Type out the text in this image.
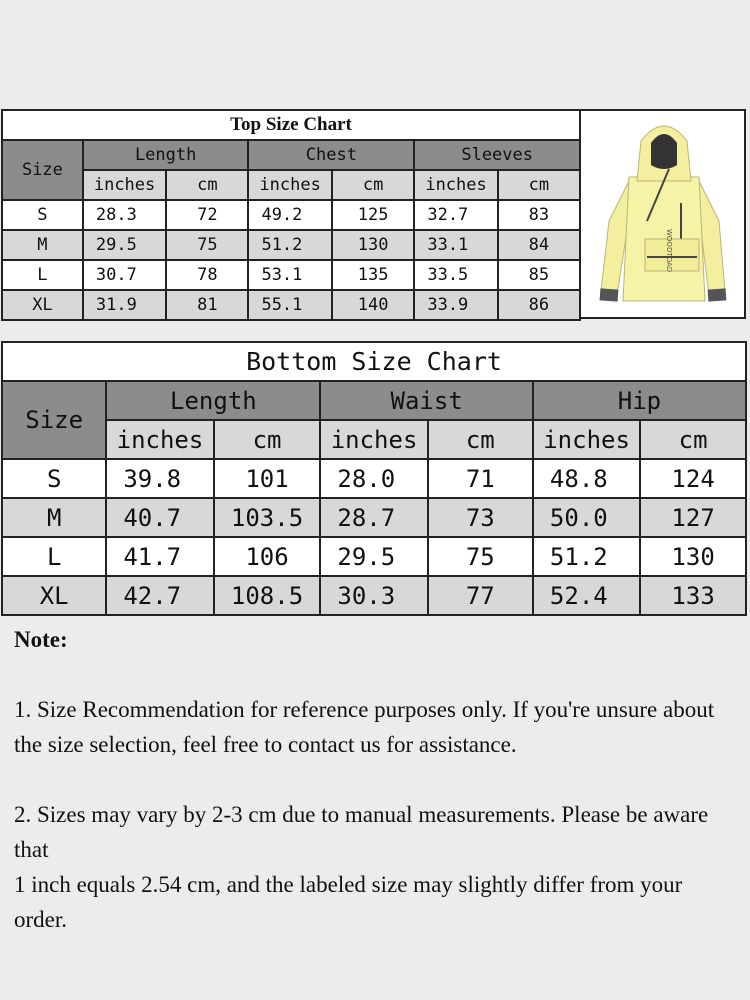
Top Size Chart						
Size	Length		Chest		Sleeves	
	inches	cm	inches	cm	inches	cm
S	28.3	72	49.2	125	32.7	83
M	29.5	75	51.2	130	33.1	84
L	30.7	78	53.1	135	33.5	85
XL	31.9	81	55.1	140	33.9	86
WOODTOAD
Bottom Size Chart						
Size	Length		Waist		Hip	
	inches	cm	inches	cm	inches	cm
S	39.8	101	28.0	71	48.8	124
M	40.7	103.5	28.7	73	50.0	127
L	41.7	106	29.5	75	51.2	130
XL	42.7	108.5	30.3	77	52.4	133

Note:

1. Size Recommendation for reference purposes only. If you're unsure about the size selection, feel free to contact us for assistance.

2. Sizes may vary by 2-3 cm due to manual measurements. Please be aware that

1 inch equals 2.54 cm, and the labeled size may slightly differ from your order.
